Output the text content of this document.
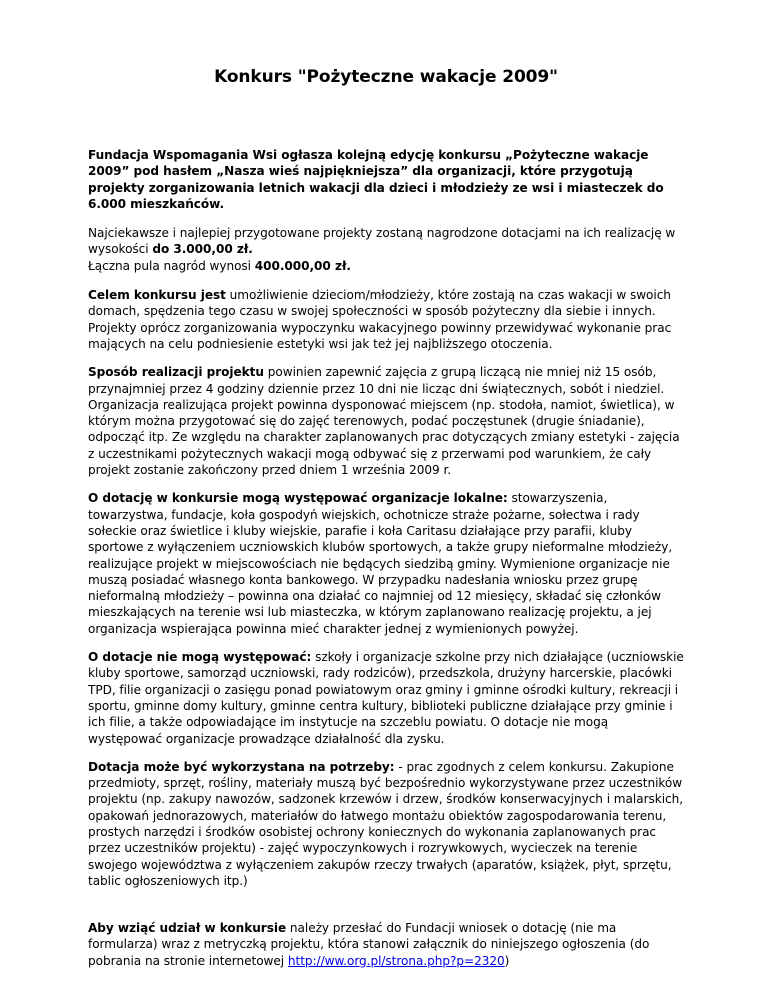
Konkurs "Pożyteczne wakacje 2009"

Fundacja Wspomagania Wsi ogłasza kolejną edycję konkursu „Pożyteczne wakacje 2009” pod hasłem „Nasza wieś najpiękniejsza” dla organizacji, które przygotują projekty zorganizowania letnich wakacji dla dzieci i młodzieży ze wsi i miasteczek do 6.000 mieszkańców.

Najciekawsze i najlepiej przygotowane projekty zostaną nagrodzone dotacjami na ich realizację w wysokości do 3.000,00 zł.
Łączna pula nagród wynosi 400.000,00 zł.

Celem konkursu jest umożliwienie dzieciom/młodzieży, które zostają na czas wakacji w swoich domach, spędzenia tego czasu w swojej społeczności w sposób pożyteczny dla siebie i innych. Projekty oprócz zorganizowania wypoczynku wakacyjnego powinny przewidywać wykonanie prac mających na celu podniesienie estetyki wsi jak też jej najbliższego otoczenia.

Sposób realizacji projektu powinien zapewnić zajęcia z grupą liczącą nie mniej niż 15 osób, przynajmniej przez 4 godziny dziennie przez 10 dni nie licząc dni świątecznych, sobót i niedziel. Organizacja realizująca projekt powinna dysponować miejscem (np. stodoła, namiot, świetlica), w którym można przygotować się do zajęć terenowych, podać poczęstunek (drugie śniadanie), odpocząć itp. Ze względu na charakter zaplanowanych prac dotyczących zmiany estetyki - zajęcia z uczestnikami pożytecznych wakacji mogą odbywać się z przerwami pod warunkiem, że cały projekt zostanie zakończony przed dniem 1 września 2009 r.

O dotację w konkursie mogą występować organizacje lokalne: stowarzyszenia, towarzystwa, fundacje, koła gospodyń wiejskich, ochotnicze straże pożarne, sołectwa i rady sołeckie oraz świetlice i kluby wiejskie, parafie i koła Caritasu działające przy parafii, kluby sportowe z wyłączeniem uczniowskich klubów sportowych, a także grupy nieformalne młodzieży, realizujące projekt w miejscowościach nie będących siedzibą gminy. Wymienione organizacje nie muszą posiadać własnego konta bankowego. W przypadku nadesłania wniosku przez grupę nieformalną młodzieży – powinna ona działać co najmniej od 12 miesięcy, składać się członków mieszkających na terenie wsi lub miasteczka, w którym zaplanowano realizację projektu, a jej organizacja wspierająca powinna mieć charakter jednej z wymienionych powyżej.

O dotacje nie mogą występować: szkoły i organizacje szkolne przy nich działające (uczniowskie kluby sportowe, samorząd uczniowski, rady rodziców), przedszkola, drużyny harcerskie, placówki TPD, filie organizacji o zasięgu ponad powiatowym oraz gminy i gminne ośrodki kultury, rekreacji i sportu, gminne domy kultury, gminne centra kultury, biblioteki publiczne działające przy gminie i ich filie, a także odpowiadające im instytucje na szczeblu powiatu. O dotacje nie mogą występować organizacje prowadzące działalność dla zysku.

Dotacja może być wykorzystana na potrzeby: - prac zgodnych z celem konkursu. Zakupione przedmioty, sprzęt, rośliny, materiały muszą być bezpośrednio wykorzystywane przez uczestników projektu (np. zakupy nawozów, sadzonek krzewów i drzew, środków konserwacyjnych i malarskich, opakowań jednorazowych, materiałów do łatwego montażu obiektów zagospodarowania terenu, prostych narzędzi i środków osobistej ochrony koniecznych do wykonania zaplanowanych prac przez uczestników projektu) - zajęć wypoczynkowych i rozrywkowych, wycieczek na terenie swojego województwa z wyłączeniem zakupów rzeczy trwałych (aparatów, książek, płyt, sprzętu, tablic ogłoszeniowych itp.)

Aby wziąć udział w konkursie należy przesłać do Fundacji wniosek o dotację (nie ma formularza) wraz z metryczką projektu, która stanowi załącznik do niniejszego ogłoszenia (do pobrania na stronie internetowej http://ww.org.pl/strona.php?p=2320)
